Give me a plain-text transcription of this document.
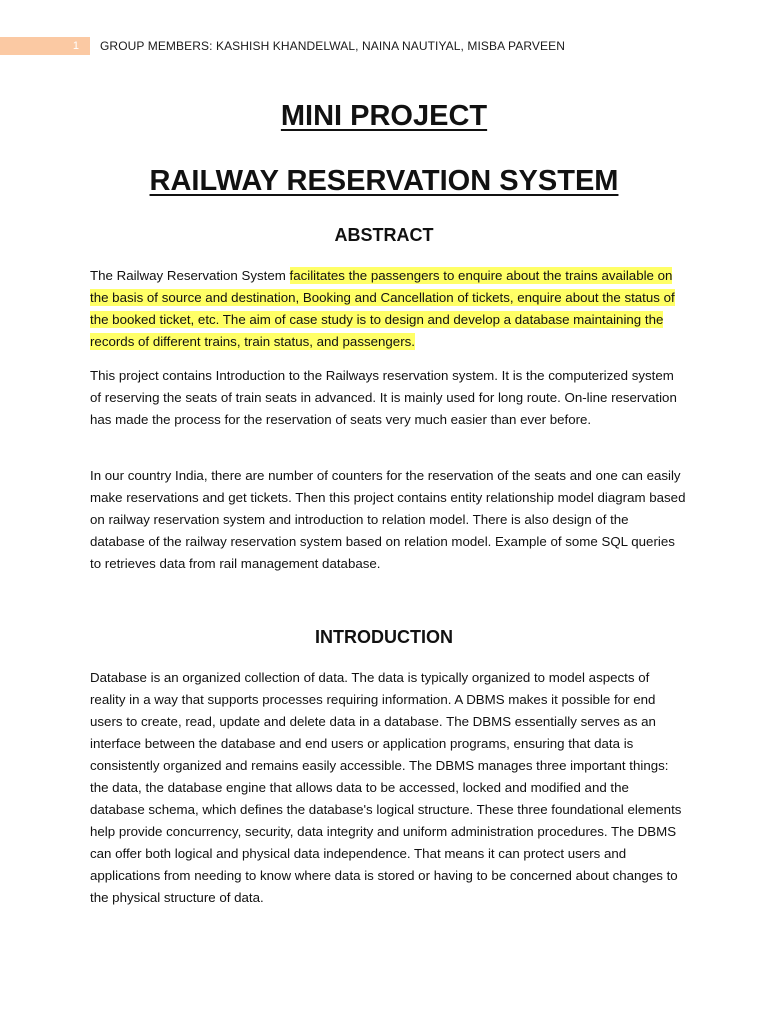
1	GROUP MEMBERS: KASHISH KHANDELWAL, NAINA NAUTIYAL, MISBA PARVEEN
MINI PROJECT
RAILWAY RESERVATION SYSTEM
ABSTRACT

The Railway Reservation System facilitates the passengers to enquire about the trains available on the basis of source and destination, Booking and Cancellation of tickets, enquire about the status of the booked ticket, etc. The aim of case study is to design and develop a database maintaining the records of different trains, train status, and passengers.

This project contains Introduction to the Railways reservation system. It is the computerized system of reserving the seats of train seats in advanced. It is mainly used for long route. On-line reservation has made the process for the reservation of seats very much easier than ever before.

In our country India, there are number of counters for the reservation of the seats and one can easily make reservations and get tickets. Then this project contains entity relationship model diagram based on railway reservation system and introduction to relation model. There is also design of the database of the railway reservation system based on relation model. Example of some SQL queries to retrieves data from rail management database.

INTRODUCTION

Database is an organized collection of data. The data is typically organized to model aspects of reality in a way that supports processes requiring information. A DBMS makes it possible for end users to create, read, update and delete data in a database. The DBMS essentially serves as an interface between the database and end users or application programs, ensuring that data is consistently organized and remains easily accessible. The DBMS manages three important things: the data, the database engine that allows data to be accessed, locked and modified and the database schema, which defines the database's logical structure. These three foundational elements help provide concurrency, security, data integrity and uniform administration procedures. The DBMS can offer both logical and physical data independence. That means it can protect users and applications from needing to know where data is stored or having to be concerned about changes to the physical structure of data.
